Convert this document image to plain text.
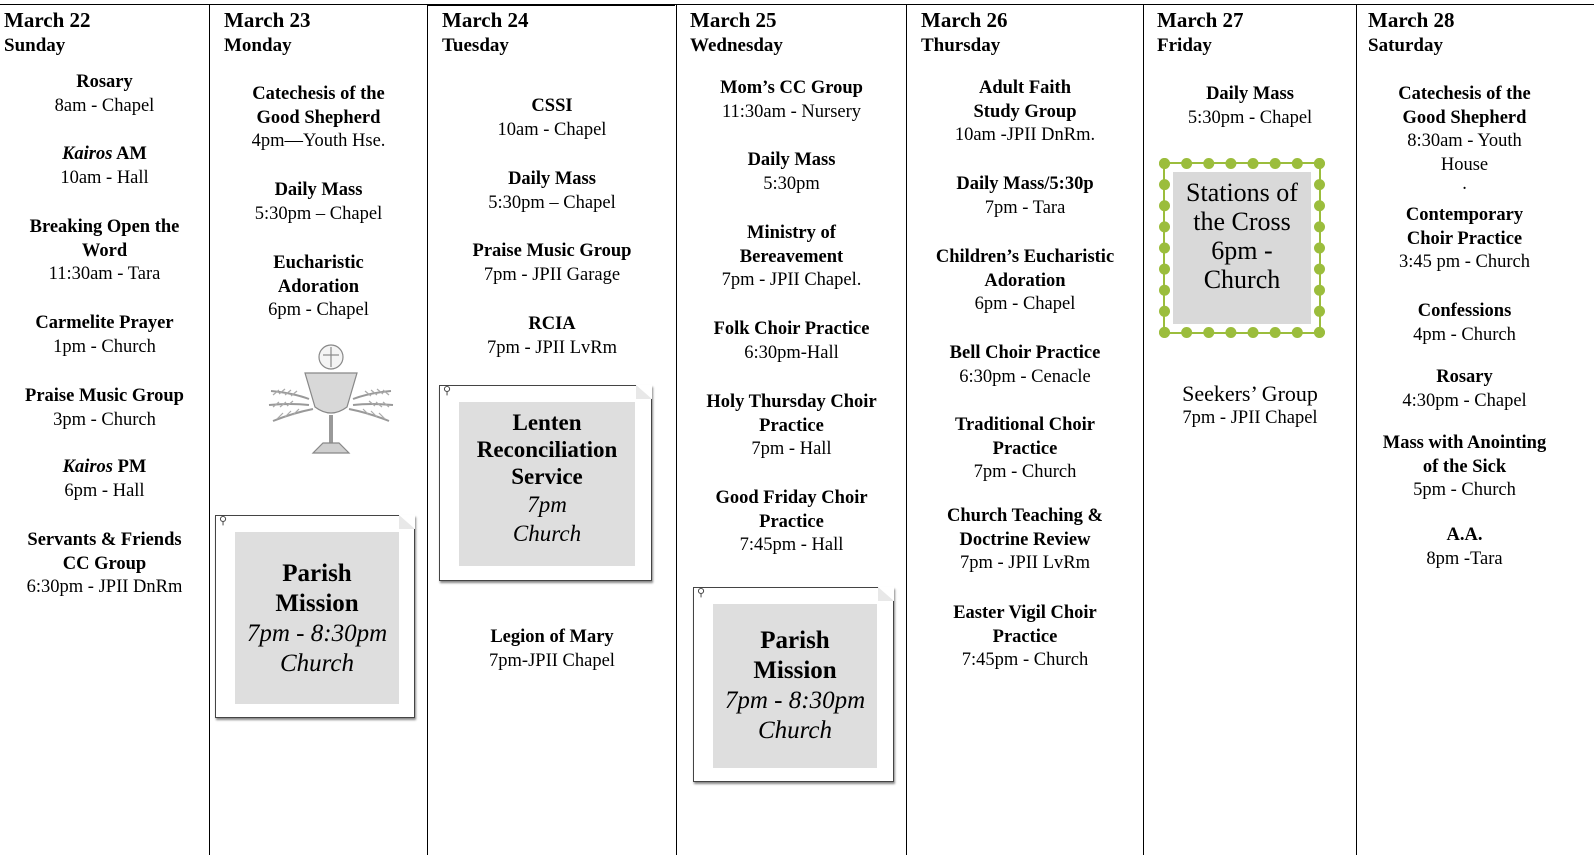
March 22
Sunday
Rosary
8am - Chapel
Kairos AM
10am - Hall
Breaking Open the
Word
11:30am - Tara
Carmelite Prayer
1pm - Church
Praise Music Group
3pm - Church
Kairos PM
6pm - Hall
Servants & Friends
CC Group
6:30pm - JPII DnRm
March 23
Monday
Catechesis of the
Good Shepherd
4pm—Youth Hse.
Daily Mass
5:30pm – Chapel
Eucharistic
Adoration
6pm - Chapel
⚲
Parish
Mission
7pm - 8:30pm
Church
March 24
Tuesday
CSSI
10am - Chapel
Daily Mass
5:30pm – Chapel
Praise Music Group
7pm - JPII Garage
RCIA
7pm - JPII LvRm
⚲
Lenten
Reconciliation
Service
7pm
Church
Legion of Mary
7pm-JPII Chapel
March 25
Wednesday
Mom’s CC Group
11:30am - Nursery
Daily Mass
5:30pm
Ministry of
Bereavement
7pm - JPII Chapel.
Folk Choir Practice
6:30pm-Hall
Holy Thursday Choir
Practice
7pm - Hall
Good Friday Choir
Practice
7:45pm - Hall
⚲
Parish
Mission
7pm - 8:30pm
Church
March 26
Thursday
Adult Faith
Study Group
10am -JPII DnRm.
Daily Mass/5:30p
7pm - Tara
Children’s Eucharistic
Adoration
6pm - Chapel
Bell Choir Practice
6:30pm - Cenacle
Traditional Choir
Practice
7pm - Church
Church Teaching &
Doctrine Review
7pm - JPII LvRm
Easter Vigil Choir
Practice
7:45pm - Church
March 27
Friday
Daily Mass
5:30pm - Chapel
Stations of
the Cross
6pm -
Church
Seekers’ Group
7pm - JPII Chapel
March 28
Saturday
Catechesis of the
Good Shepherd
8:30am - Youth
House
.
Contemporary
Choir Practice
3:45 pm - Church
Confessions
4pm - Church
Rosary
4:30pm - Chapel
Mass with Anointing
of the Sick
5pm - Church
A.A.
8pm -Tara
